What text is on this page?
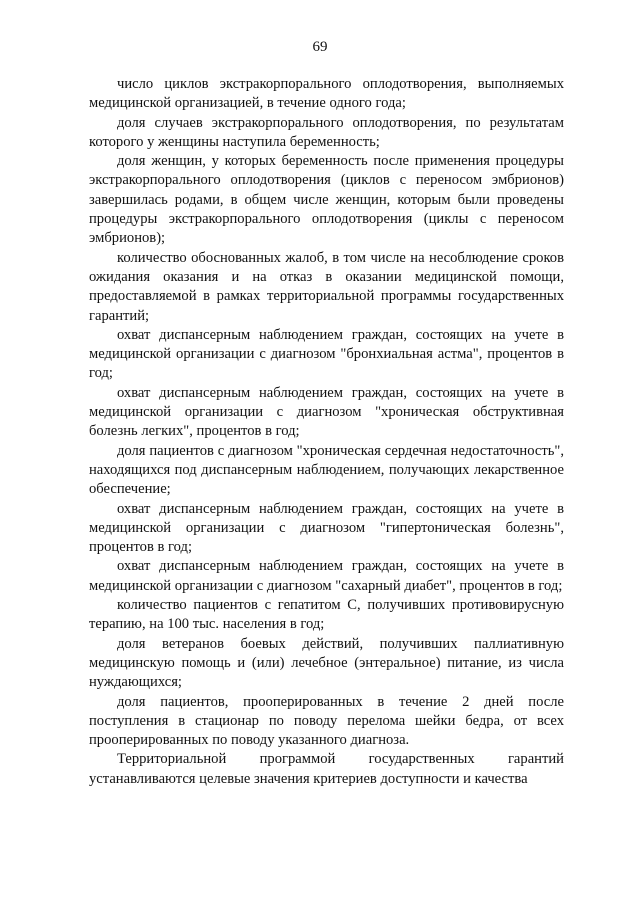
69

число циклов экстракорпорального оплодотворения, выполняемых медицинской организацией, в течение одного года;

доля случаев экстракорпорального оплодотворения, по результатам которого у женщины наступила беременность;

доля женщин, у которых беременность после применения процедуры экстракорпорального оплодотворения (циклов с переносом эмбрионов) завершилась родами, в общем числе женщин, которым были проведены процедуры экстракорпорального оплодотворения (циклы с переносом эмбрионов);

количество обоснованных жалоб, в том числе на несоблюдение сроков ожидания оказания и на отказ в оказании медицинской помощи, предоставляемой в рамках территориальной программы государственных гарантий;

охват диспансерным наблюдением граждан, состоящих на учете в медицинской организации с диагнозом "бронхиальная астма", процентов в год;

охват диспансерным наблюдением граждан, состоящих на учете в медицинской организации с диагнозом "хроническая обструктивная болезнь легких", процентов в год;

доля пациентов с диагнозом "хроническая сердечная недостаточность", находящихся под диспансерным наблюдением, получающих лекарственное обеспечение;

охват диспансерным наблюдением граждан, состоящих на учете в медицинской организации с диагнозом "гипертоническая болезнь", процентов в год;

охват диспансерным наблюдением граждан, состоящих на учете в медицинской организации с диагнозом "сахарный диабет", процентов в год;

количество пациентов с гепатитом С, получивших противовирусную терапию, на 100 тыс. населения в год;

доля ветеранов боевых действий, получивших паллиативную медицинскую помощь и (или) лечебное (энтеральное) питание, из числа нуждающихся;

доля пациентов, прооперированных в течение 2 дней после поступления в стационар по поводу перелома шейки бедра, от всех прооперированных по поводу указанного диагноза.

Территориальной программой государственных гарантий устанавливаются целевые значения критериев доступности и качества
